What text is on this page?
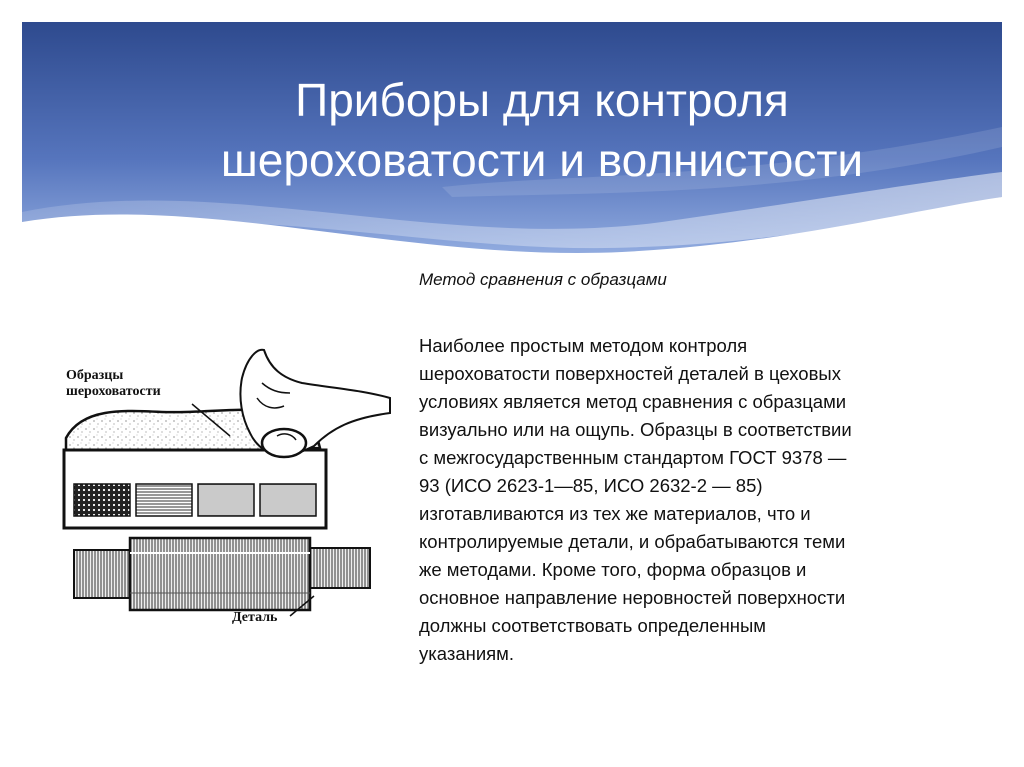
Приборы для контроля
шероховатости и волнистости
Метод сравнения с образцами
Наиболее простым методом контроля
шероховатости поверхностей деталей в цеховых
условиях является метод сравнения с образцами
визуально или на ощупь. Образцы в соответствии
с межгосударственным стандартом ГОСТ 9378 —
93 (ИСО 2623-1—85, ИСО 2632-2 — 85)
изготавливаются из тех же материалов, что и
контролируемые детали, и обрабатываются теми
же методами. Кроме того, форма образцов и
основное направление неровностей поверхности
должны соответствовать определенным
указаниям.
Образцы
шероховатости
Деталь
